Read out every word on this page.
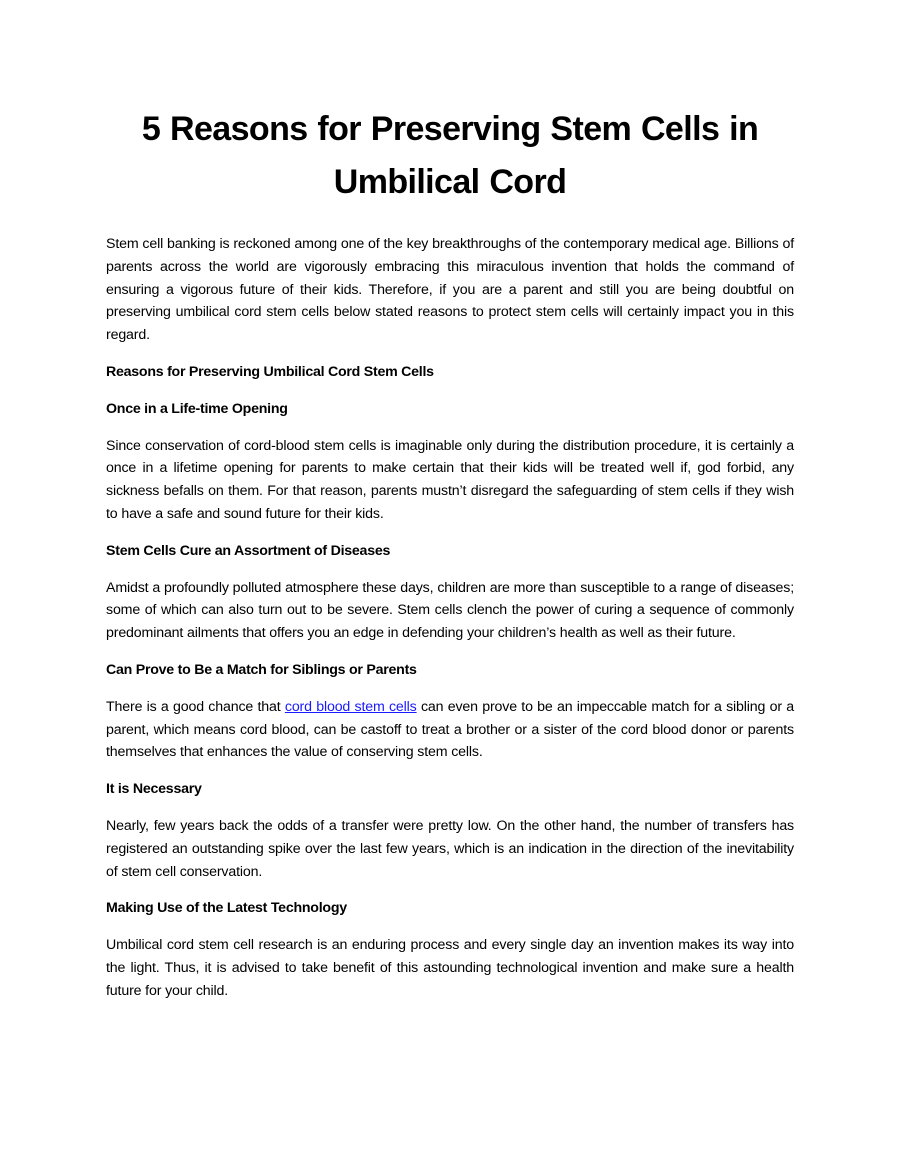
5 Reasons for Preserving Stem Cells in Umbilical Cord

Stem cell banking is reckoned among one of the key breakthroughs of the contemporary medical age. Billions of parents across the world are vigorously embracing this miraculous invention that holds the command of ensuring a vigorous future of their kids. Therefore, if you are a parent and still you are being doubtful on preserving umbilical cord stem cells below stated reasons to protect stem cells will certainly impact you in this regard.

Reasons for Preserving Umbilical Cord Stem Cells

Once in a Life-time Opening

Since conservation of cord-blood stem cells is imaginable only during the distribution procedure, it is certainly a once in a lifetime opening for parents to make certain that their kids will be treated well if, god forbid, any sickness befalls on them. For that reason, parents mustn’t disregard the safeguarding of stem cells if they wish to have a safe and sound future for their kids.

Stem Cells Cure an Assortment of Diseases

Amidst a profoundly polluted atmosphere these days, children are more than susceptible to a range of diseases; some of which can also turn out to be severe. Stem cells clench the power of curing a sequence of commonly predominant ailments that offers you an edge in defending your children’s health as well as their future.

Can Prove to Be a Match for Siblings or Parents

There is a good chance that cord blood stem cells can even prove to be an impeccable match for a sibling or a parent, which means cord blood, can be castoff to treat a brother or a sister of the cord blood donor or parents themselves that enhances the value of conserving stem cells.

It is Necessary

Nearly, few years back the odds of a transfer were pretty low. On the other hand, the number of transfers has registered an outstanding spike over the last few years, which is an indication in the direction of the inevitability of stem cell conservation.

Making Use of the Latest Technology

Umbilical cord stem cell research is an enduring process and every single day an invention makes its way into the light. Thus, it is advised to take benefit of this astounding technological invention and make sure a health future for your child.
